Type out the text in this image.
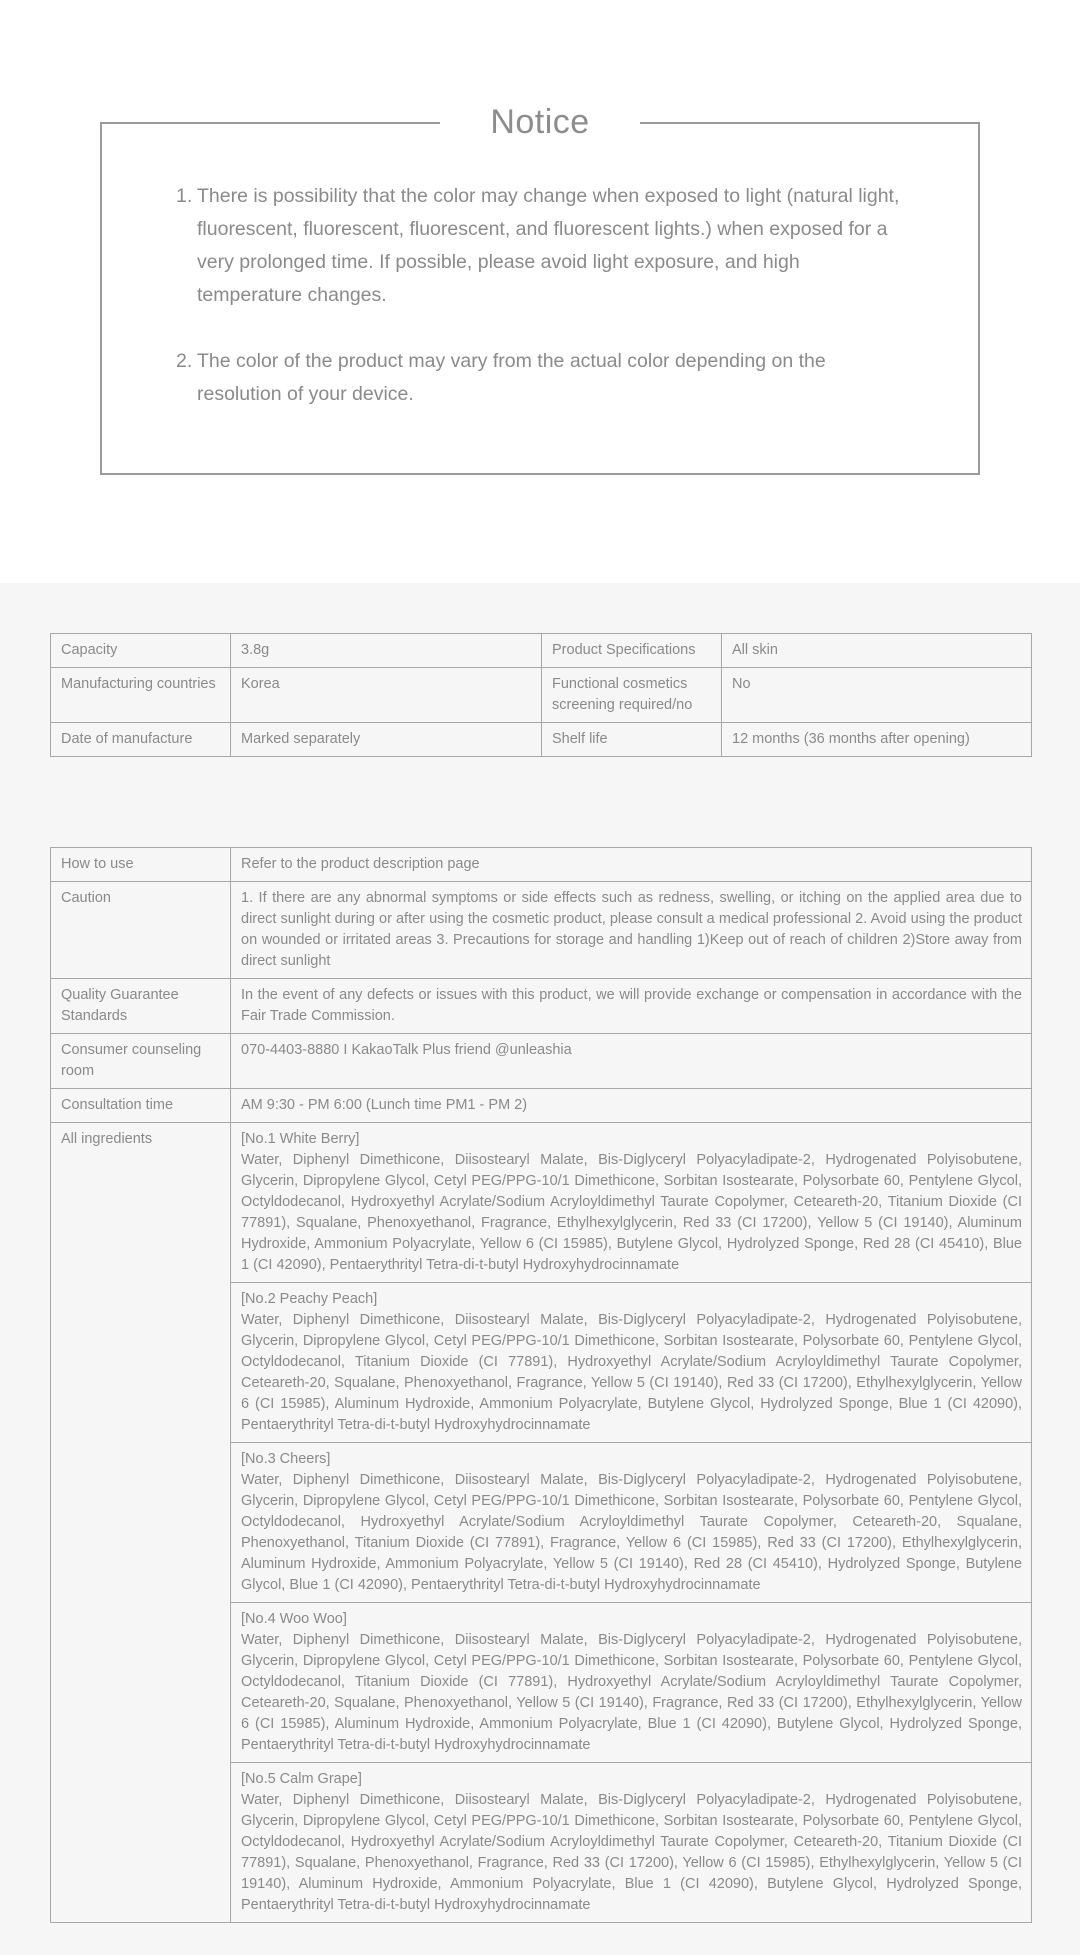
Notice
1. There is possibility that the color may change when exposed to light (natural light, fluorescent, fluorescent, fluorescent, and fluorescent lights.) when exposed for a very prolonged time. If possible, please avoid light exposure, and high temperature changes.
2. The color of the product may vary from the actual color depending on the resolution of your device.
Capacity	3.8g	Product Specifications	All skin
Manufacturing countries	Korea	Functional cosmetics screening required/no	No
Date of manufacture	Marked separately	Shelf life	12 months (36 months after opening)
How to use	Refer to the product description page
Caution	1. If there are any abnormal symptoms or side effects such as redness, swelling, or itching on the applied area due to direct sunlight during or after using the cosmetic product, please consult a medical professional 2. Avoid using the product on wounded or irritated areas 3. Precautions for storage and handling 1)Keep out of reach of children 2)Store away from direct sunlight
Quality Guarantee Standards	In the event of any defects or issues with this product, we will provide exchange or compensation in accordance with the Fair Trade Commission.
Consumer counseling room	070-4403-8880 I KakaoTalk Plus friend @unleashia
Consultation time	AM 9:30 - PM 6:00 (Lunch time PM1 - PM 2)
All ingredients	[No.1 White Berry]
Water, Diphenyl Dimethicone, Diisostearyl Malate, Bis-Diglyceryl Polyacyladipate-2, Hydrogenated Polyisobutene, Glycerin, Dipropylene Glycol, Cetyl PEG/PPG-10/1 Dimethicone, Sorbitan Isostearate, Polysorbate 60, Pentylene Glycol, Octyldodecanol, Hydroxyethyl Acrylate/Sodium Acryloyldimethyl Taurate Copolymer, Ceteareth-20, Titanium Dioxide (CI 77891), Squalane, Phenoxyethanol, Fragrance, Ethylhexylglycerin, Red 33 (CI 17200), Yellow 5 (CI 19140), Aluminum Hydroxide, Ammonium Polyacrylate, Yellow 6 (CI 15985), Butylene Glycol, Hydrolyzed Sponge, Red 28 (CI 45410), Blue 1 (CI 42090), Pentaerythrityl Tetra-di-t-butyl Hydroxyhydrocinnamate

	[No.2 Peachy Peach]
Water, Diphenyl Dimethicone, Diisostearyl Malate, Bis-Diglyceryl Polyacyladipate-2, Hydrogenated Polyisobutene, Glycerin, Dipropylene Glycol, Cetyl PEG/PPG-10/1 Dimethicone, Sorbitan Isostearate, Polysorbate 60, Pentylene Glycol, Octyldodecanol, Titanium Dioxide (CI 77891), Hydroxyethyl Acrylate/Sodium Acryloyldimethyl Taurate Copolymer, Ceteareth-20, Squalane, Phenoxyethanol, Fragrance, Yellow 5 (CI 19140), Red 33 (CI 17200), Ethylhexylglycerin, Yellow 6 (CI 15985), Aluminum Hydroxide, Ammonium Polyacrylate, Butylene Glycol, Hydrolyzed Sponge, Blue 1 (CI 42090), Pentaerythrityl Tetra-di-t-butyl Hydroxyhydrocinnamate

	[No.3 Cheers]
Water, Diphenyl Dimethicone, Diisostearyl Malate, Bis-Diglyceryl Polyacyladipate-2, Hydrogenated Polyisobutene, Glycerin, Dipropylene Glycol, Cetyl PEG/PPG-10/1 Dimethicone, Sorbitan Isostearate, Polysorbate 60, Pentylene Glycol, Octyldodecanol, Hydroxyethyl Acrylate/Sodium Acryloyldimethyl Taurate Copolymer, Ceteareth-20, Squalane, Phenoxyethanol, Titanium Dioxide (CI 77891), Fragrance, Yellow 6 (CI 15985), Red 33 (CI 17200), Ethylhexylglycerin, Aluminum Hydroxide, Ammonium Polyacrylate, Yellow 5 (CI 19140), Red 28 (CI 45410), Hydrolyzed Sponge, Butylene Glycol, Blue 1 (CI 42090), Pentaerythrityl Tetra-di-t-butyl Hydroxyhydrocinnamate

	[No.4 Woo Woo]
Water, Diphenyl Dimethicone, Diisostearyl Malate, Bis-Diglyceryl Polyacyladipate-2, Hydrogenated Polyisobutene, Glycerin, Dipropylene Glycol, Cetyl PEG/PPG-10/1 Dimethicone, Sorbitan Isostearate, Polysorbate 60, Pentylene Glycol, Octyldodecanol, Titanium Dioxide (CI 77891), Hydroxyethyl Acrylate/Sodium Acryloyldimethyl Taurate Copolymer, Ceteareth-20, Squalane, Phenoxyethanol, Yellow 5 (CI 19140), Fragrance, Red 33 (CI 17200), Ethylhexylglycerin, Yellow 6 (CI 15985), Aluminum Hydroxide, Ammonium Polyacrylate, Blue 1 (CI 42090), Butylene Glycol, Hydrolyzed Sponge, Pentaerythrityl Tetra-di-t-butyl Hydroxyhydrocinnamate

	[No.5 Calm Grape]
Water, Diphenyl Dimethicone, Diisostearyl Malate, Bis-Diglyceryl Polyacyladipate-2, Hydrogenated Polyisobutene, Glycerin, Dipropylene Glycol, Cetyl PEG/PPG-10/1 Dimethicone, Sorbitan Isostearate, Polysorbate 60, Pentylene Glycol, Octyldodecanol, Hydroxyethyl Acrylate/Sodium Acryloyldimethyl Taurate Copolymer, Ceteareth-20, Titanium Dioxide (CI 77891), Squalane, Phenoxyethanol, Fragrance, Red 33 (CI 17200), Yellow 6 (CI 15985), Ethylhexylglycerin, Yellow 5 (CI 19140), Aluminum Hydroxide, Ammonium Polyacrylate, Blue 1 (CI 42090), Butylene Glycol, Hydrolyzed Sponge, Pentaerythrityl Tetra-di-t-butyl Hydroxyhydrocinnamate
